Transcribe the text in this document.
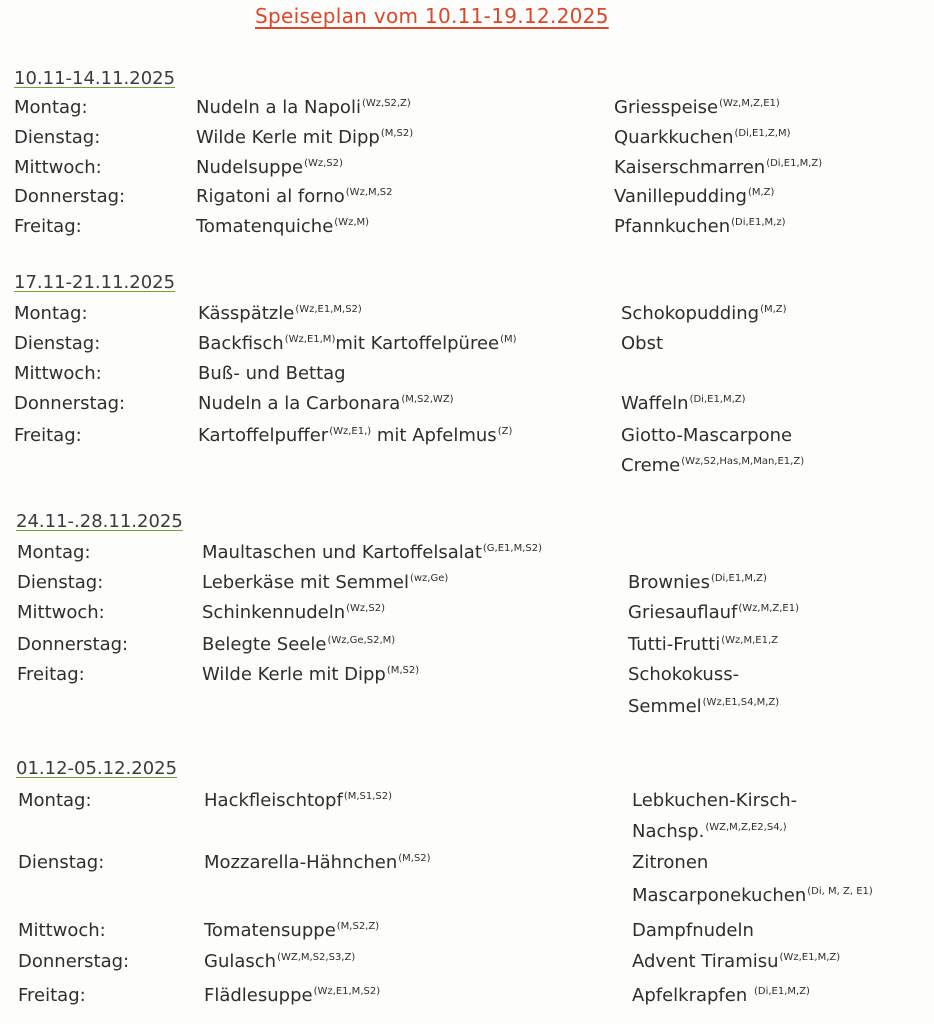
Speiseplan vom 10.11-19.12.2025
10.11-14.11.2025
Montag:	Nudeln a la Napoli$^{(Wz,S2,Z)}$	Griesspeise$^{(Wz,M,Z,E1)}$
Dienstag:	Wilde Kerle mit Dipp$^{(M,S2)}$	Quarkkuchen$^{(Di,E1,Z,M)}$
Mittwoch:	Nudelsuppe$^{(Wz,S2)}$	Kaiserschmarren$^{(Di,E1,M,Z)}$
Donnerstag:	Rigatoni al forno$^{(Wz,M,S2}$	Vanillepudding$^{(M,Z)}$
Freitag:	Tomatenquiche$^{(Wz,M)}$	Pfannkuchen$^{(Di,E1,M,z)}$
17.11-21.11.2025
Montag:	Kässpätzle$^{(Wz,E1,M,S2)}$	Schokopudding$^{(M,Z)}$
Dienstag:	Backfisch$^{(Wz,E1,M)}$mit Kartoffelpüree$^{(M)}$	Obst
Mittwoch:	Buß- und Bettag
Donnerstag:	Nudeln a la Carbonara$^{(M,S2,WZ)}$	Waffeln$^{(Di,E1,M,Z)}$
Freitag:	Kartoffelpuffer$^{(Wz,E1,)}$ mit Apfelmus$^{(Z)}$	Giotto-Mascarpone
Creme$^{(Wz,S2,Has,M,Man,E1,Z)}$
24.11-.28.11.2025
Montag:	Maultaschen und Kartoffelsalat$^{(G,E1,M,S2)}$
Dienstag:	Leberkäse mit Semmel$^{(wz,Ge)}$	Brownies$^{(Di,E1,M,Z)}$
Mittwoch:	Schinkennudeln$^{(Wz,S2)}$	Griesauflauf$^{(Wz,M,Z,E1)}$
Donnerstag:	Belegte Seele$^{(Wz,Ge,S2,M)}$	Tutti-Frutti$^{(Wz,M,E1,Z}$
Freitag:	Wilde Kerle mit Dipp$^{(M,S2)}$	Schokokuss-
Semmel$^{(Wz,E1,S4,M,Z)}$
01.12-05.12.2025
Montag:	Hackfleischtopf$^{(M,S1,S2)}$	Lebkuchen-Kirsch-
Nachsp.$^{(WZ,M,Z,E2,S4,)}$
Dienstag:	Mozzarella-Hähnchen$^{(M,S2)}$	Zitronen
Mascarponekuchen$^{(Di, M, Z, E1)}$
Mittwoch:	Tomatensuppe$^{(M,S2,Z)}$	Dampfnudeln
Donnerstag:	Gulasch$^{(WZ,M,S2,S3,Z)}$	Advent Tiramisu$^{(Wz,E1,M,Z)}$
Freitag:	Flädlesuppe$^{(Wz,E1,M,S2)}$	Apfelkrapfen $^{(Di,E1,M,Z)}$
